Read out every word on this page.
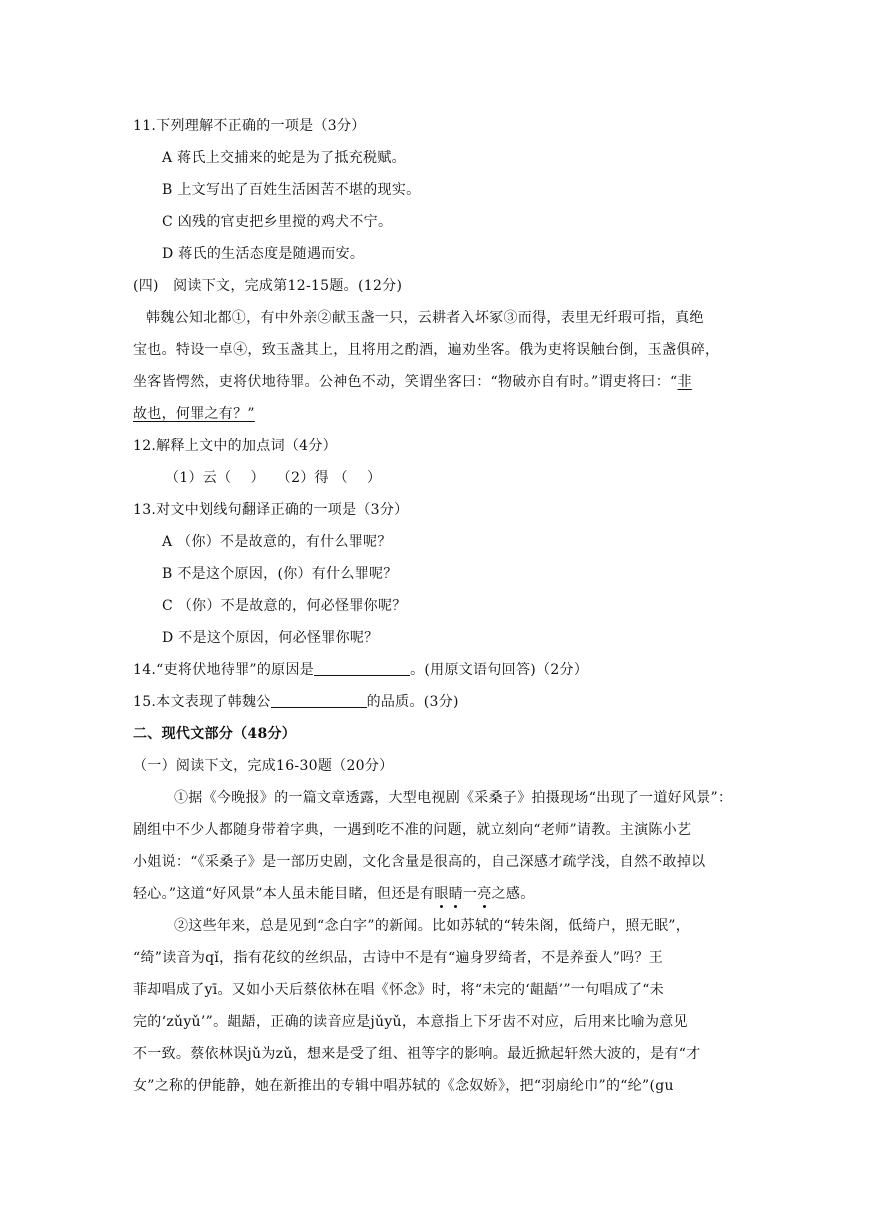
11.下列理解不正确的一项是（3分）
A 蒋氏上交捕来的蛇是为了抵充税赋。
B 上文写出了百姓生活困苦不堪的现实。
C 凶残的官吏把乡里搅的鸡犬不宁。
D 蒋氏的生活态度是随遇而安。
(四)　阅读下文，完成第12-15题。(12分)
韩魏公知北都①，有中外亲②献玉盏一只，云耕者入坏冢③而得，表里无纤瑕可指，真绝
宝也。特设一卓④，致玉盏其上，且将用之酌酒，遍劝坐客。俄为吏将误触台倒，玉盏俱碎，
坐客皆愕然，吏将伏地待罪。公神色不动，笑谓坐客曰：“物破亦自有时。”谓吏将曰：“非
故也，何罪之有？”
12.解释上文中的加点词（4分）
（1）云（　 ）　 （2）得 （　 ）
13.对文中划线句翻译正确的一项是（3分）
A （你）不是故意的，有什么罪呢？
B 不是这个原因，(你）有什么罪呢？
C （你）不是故意的，何必怪罪你呢？
D 不是这个原因，何必怪罪你呢？
14.“吏将伏地待罪”的原因是	。(用原文语句回答)（2分）
15.本文表现了韩魏公	的品质。(3分)
二、现代文部分（48分）
（一）阅读下文，完成16-30题（20分）
①据《今晚报》的一篇文章透露，大型电视剧《采桑子》拍摄现场“出现了一道好风景”：
剧组中不少人都随身带着字典，一遇到吃不准的问题，就立刻向“老师”请教。主演陈小艺
小姐说：“《采桑子》是一部历史剧，文化含量是很高的，自己深感才疏学浅，自然不敢掉以
轻心。”这道“好风景”本人虽未能目睹，但还是有眼睛一亮之感。
②这些年来，总是见到“念白字”的新闻。比如苏轼的“转朱阁，低绮户，照无眠”，
“绮”读音为qǐ，指有花纹的丝织品，古诗中不是有“遍身罗绮者，不是养蚕人”吗？王
菲却唱成了yī。又如小天后蔡依林在唱《怀念》时，将“未完的‘龃龉’”一句唱成了“未
完的‘zǔyǔ’”。龃龉，正确的读音应是jǔyǔ，本意指上下牙齿不对应，后用来比喻为意见
不一致。蔡依林误jǔ为zǔ，想来是受了组、祖等字的影响。最近掀起轩然大波的，是有“才
女”之称的伊能静，她在新推出的专辑中唱苏轼的《念奴娇》，把“羽扇纶巾”的“纶”(gu
